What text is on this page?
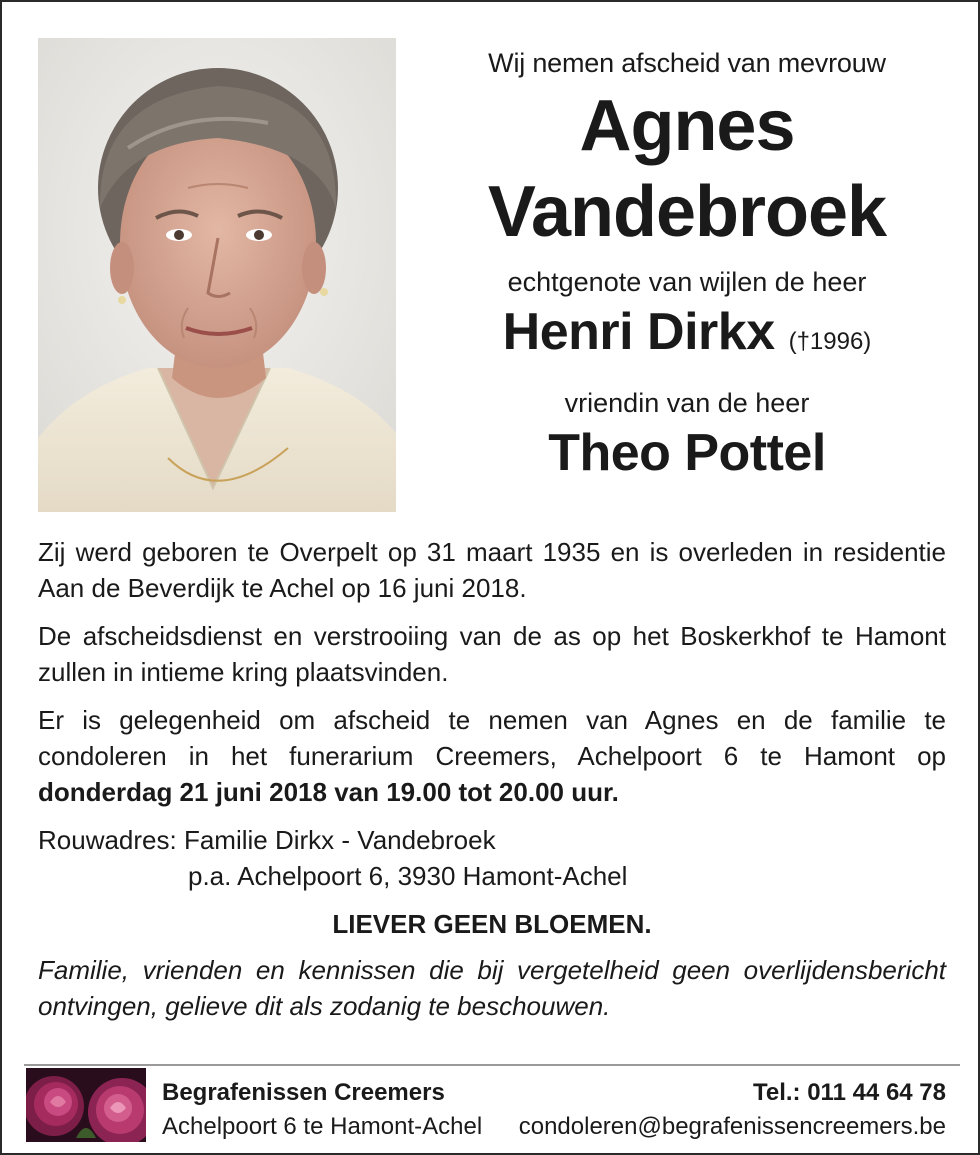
Wij nemen afscheid van mevrouw
Agnes
Vandebroek
echtgenote van wijlen de heer
Henri Dirkx (†1996)
vriendin van de heer
Theo Pottel

Zij werd geboren te Overpelt op 31 maart 1935 en is overleden in residentie Aan de Beverdijk te Achel op 16 juni 2018.

De afscheidsdienst en verstrooiing van de as op het Boskerkhof te Hamont zullen in intieme kring plaatsvinden.

Er is gelegenheid om afscheid te nemen van Agnes en de familie te condoleren in het funerarium Creemers, Achelpoort 6 te Hamont op donderdag 21 juni 2018 van 19.00 tot 20.00 uur.

Rouwadres: Familie Dirkx - Vandebroek

p.a. Achelpoort 6, 3930 Hamont-Achel

LIEVER GEEN BLOEMEN.

Familie, vrienden en kennissen die bij vergetelheid geen overlijdensbericht ontvingen, gelieve dit als zodanig te beschouwen.

Begrafenissen Creemers
Achelpoort 6 te Hamont-Achel
Tel.: 011 44 64 78
condoleren@begrafenissencreemers.be
